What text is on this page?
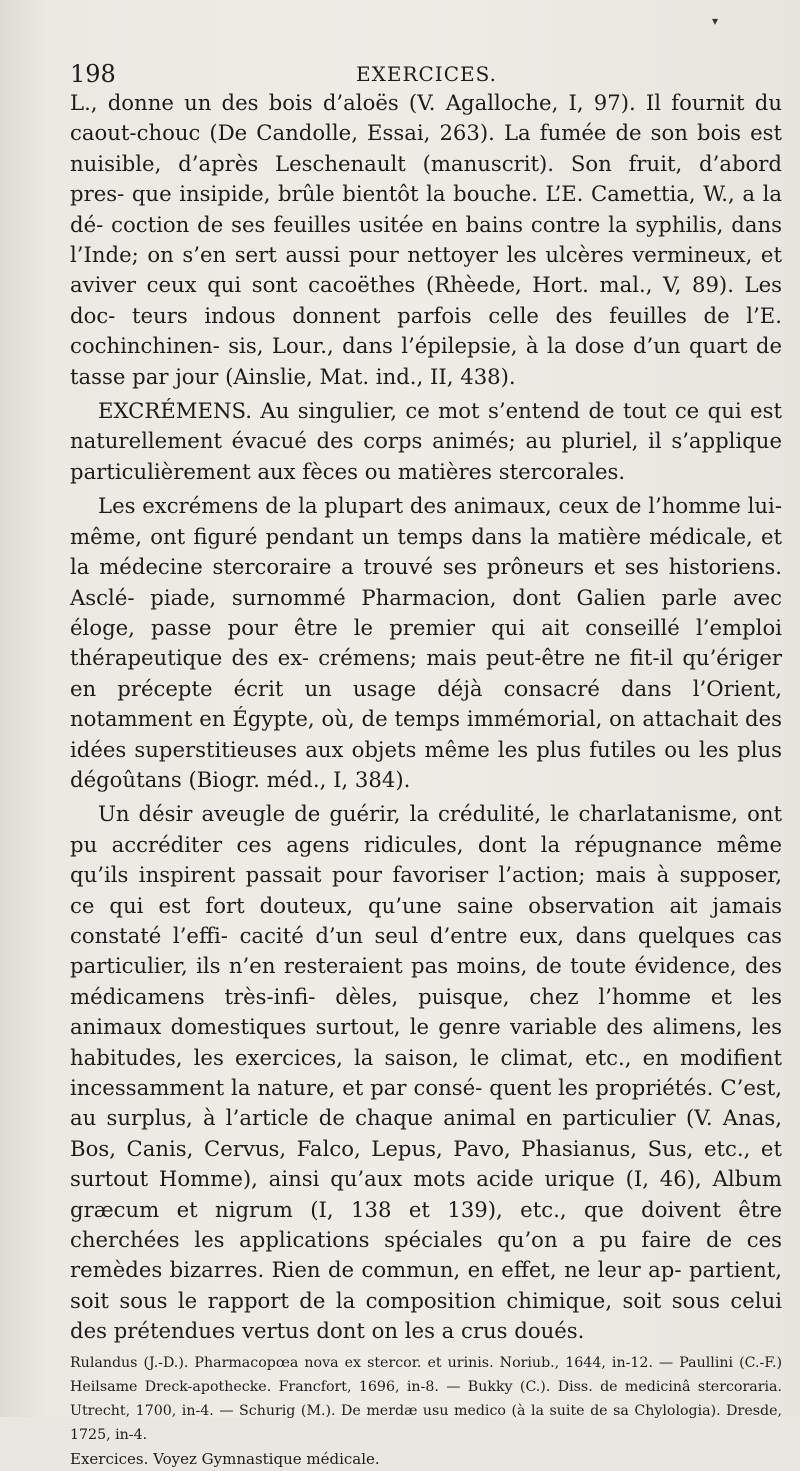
▾
198	EXERCICES.

L., donne un des bois d’aloës (V. Agalloche, I, 97). Il fournit du caout-chouc (De Candolle, Essai, 263). La fumée de son bois est nuisible, d’après Leschenault (manuscrit). Son fruit, d’abord pres- que insipide, brûle bientôt la bouche. L’E. Camettia, W., a la dé- coction de ses feuilles usitée en bains contre la syphilis, dans l’Inde; on s’en sert aussi pour nettoyer les ulcères vermineux, et aviver ceux qui sont cacoëthes (Rhèede, Hort. mal., V, 89). Les doc- teurs indous donnent parfois celle des feuilles de l’E. cochinchinen- sis, Lour., dans l’épilepsie, à la dose d’un quart de tasse par jour (Ainslie, Mat. ind., II, 438).

EXCRÉMENS. Au singulier, ce mot s’entend de tout ce qui est naturellement évacué des corps animés; au pluriel, il s’applique particulièrement aux fèces ou matières stercorales.

Les excrémens de la plupart des animaux, ceux de l’homme lui- même, ont figuré pendant un temps dans la matière médicale, et la médecine stercoraire a trouvé ses prôneurs et ses historiens. Asclé- piade, surnommé Pharmacion, dont Galien parle avec éloge, passe pour être le premier qui ait conseillé l’emploi thérapeutique des ex- crémens; mais peut-être ne fit-il qu’ériger en précepte écrit un usage déjà consacré dans l’Orient, notamment en Égypte, où, de temps immémorial, on attachait des idées superstitieuses aux objets même les plus futiles ou les plus dégoûtans (Biogr. méd., I, 384).

Un désir aveugle de guérir, la crédulité, le charlatanisme, ont pu accréditer ces agens ridicules, dont la répugnance même qu’ils inspirent passait pour favoriser l’action; mais à supposer, ce qui est fort douteux, qu’une saine observation ait jamais constaté l’effi- cacité d’un seul d’entre eux, dans quelques cas particulier, ils n’en resteraient pas moins, de toute évidence, des médicamens très-infi- dèles, puisque, chez l’homme et les animaux domestiques surtout, le genre variable des alimens, les habitudes, les exercices, la saison, le climat, etc., en modifient incessamment la nature, et par consé- quent les propriétés. C’est, au surplus, à l’article de chaque animal en particulier (V. Anas, Bos, Canis, Cervus, Falco, Lepus, Pavo, Phasianus, Sus, etc., et surtout Homme), ainsi qu’aux mots acide urique (I, 46), Album græcum et nigrum (I, 138 et 139), etc., que doivent être cherchées les applications spéciales qu’on a pu faire de ces remèdes bizarres. Rien de commun, en effet, ne leur ap- partient, soit sous le rapport de la composition chimique, soit sous celui des prétendues vertus dont on les a crus doués.

Rulandus (J.-D.). Pharmacopœa nova ex stercor. et urinis. Noriub., 1644, in-12. — Paullini (C.-F.) Heilsame Dreck-apothecke. Francfort, 1696, in-8. — Bukky (C.). Diss. de medicinâ stercoraria. Utrecht, 1700, in-4. — Schurig (M.). De merdæ usu medico (à la suite de sa Chylologia). Dresde, 1725, in-4.

Exercices. Voyez Gymnastique médicale.
